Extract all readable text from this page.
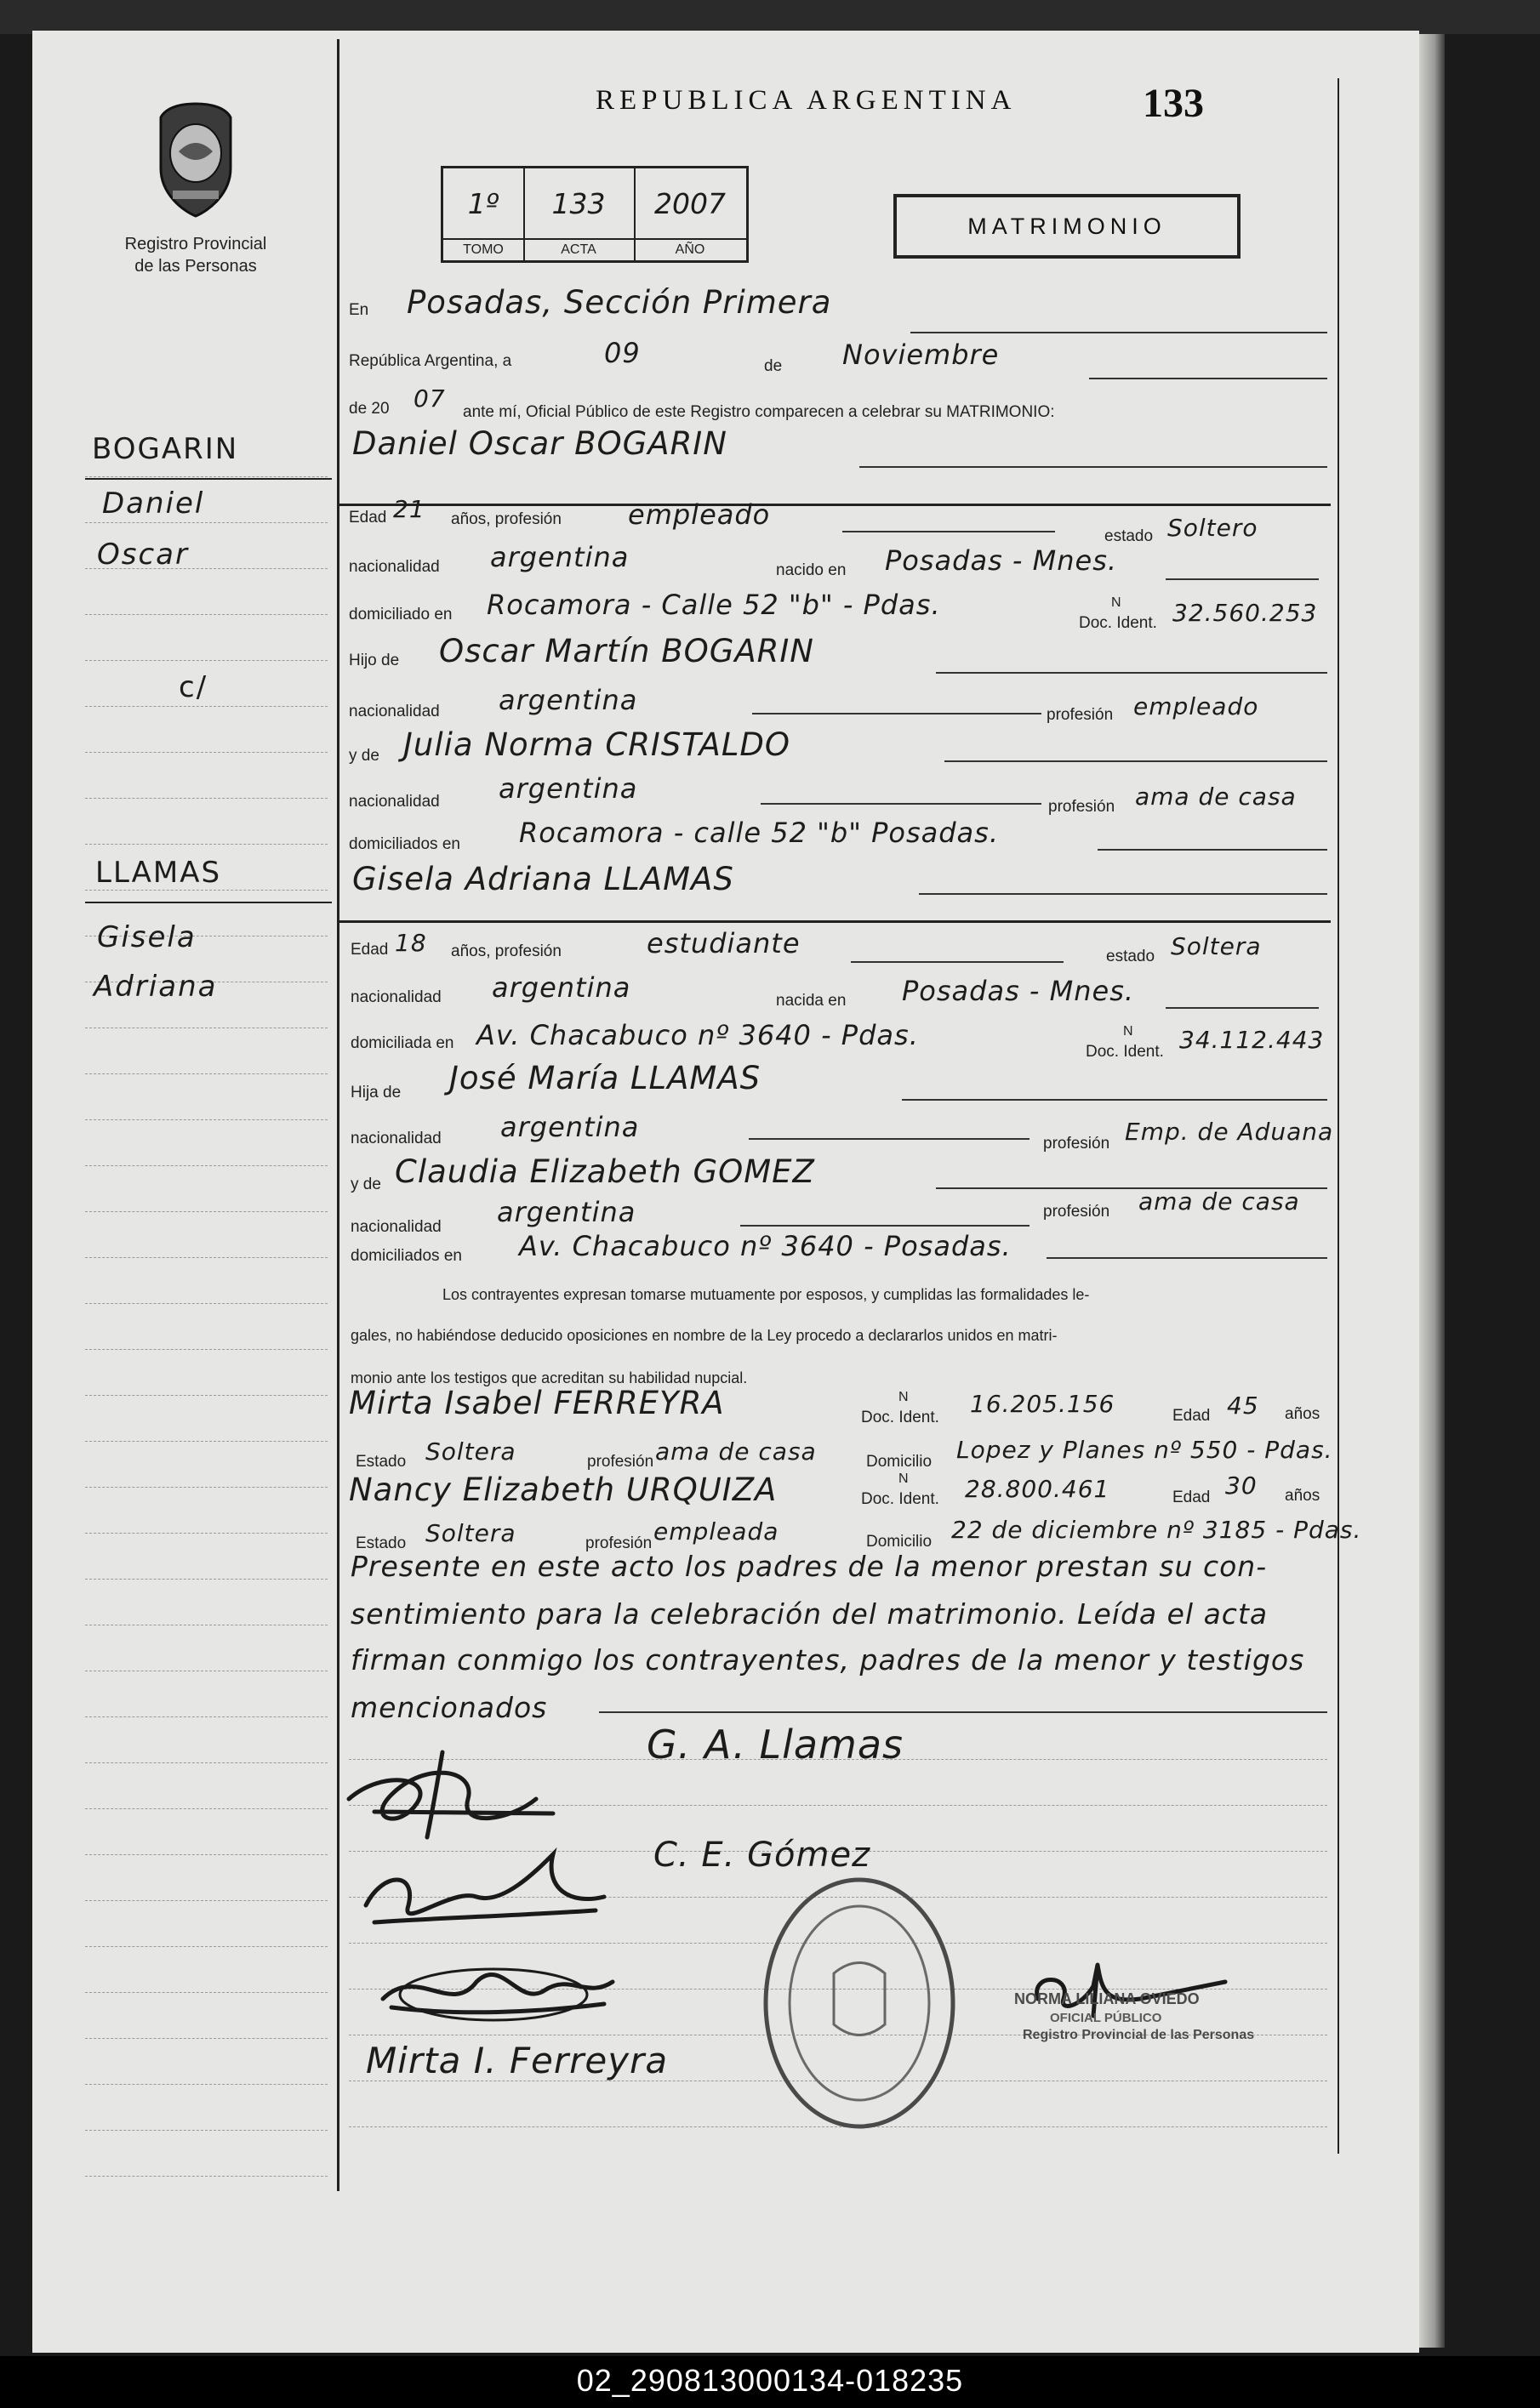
Registro Provincial
de las Personas
REPUBLICA ARGENTINA	133
1º
TOMO
133
ACTA
2007
AÑO
MATRIMONIO
BOGARIN
Daniel
Oscar
c/
LLAMAS
Gisela
Adriana
En Posadas, Sección Primera
República Argentina, a	09	de Noviembre
de 20 07 ante mí, Oficial Público de este Registro comparecen a celebrar su MATRIMONIO:
Daniel Oscar BOGARIN
Edad 21 años, profesión empleado
estado Soltero
nacionalidad argentina	nacido en Posadas - Mnes.
domiciliado en Rocamora - Calle 52 "b" - Pdas.
Doc. Ident.
N 32.560.253
Hijo de Oscar Martín BOGARIN
nacionalidad argentina	profesión empleado
y de Julia Norma CRISTALDO
nacionalidad argentina
profesión ama de casa
domiciliados en Rocamora - calle 52 "b" Posadas.
Gisela Adriana LLAMAS
Edad 18 años, profesión	estudiante	estado Soltera
nacionalidad argentina	nacida en Posadas - Mnes.
domiciliada en Av. Chacabuco nº 3640 - Pdas.
Doc. Ident.
N 34.112.443
Hija de José María LLAMAS
nacionalidad argentina
profesión Emp. de Aduana
y de Claudia Elizabeth GOMEZ
nacionalidad argentina	profesión ama de casa
domiciliados en Av. Chacabuco nº 3640 - Posadas.
Los contrayentes expresan tomarse mutuamente por esposos, y cumplidas las formalidades le-
gales, no habiéndose deducido oposiciones en nombre de la Ley procedo a declararlos unidos en matri-
monio ante los testigos que acreditan su habilidad nupcial.
Mirta Isabel FERREYRA	Doc. Ident.
N	16.205.156	Edad 45 años
Estado Soltera	profesión ama de casa	Domicilio Lopez y Planes nº 550 - Pdas.
Nancy Elizabeth URQUIZA	Doc. Ident.
N 28.800.461	Edad 30 años
Estado Soltera	profesión empleada	Domicilio 22 de diciembre nº 3185 - Pdas.
Presente en este acto los padres de la menor prestan su con-
sentimiento para la celebración del matrimonio. Leída el acta
firman conmigo los contrayentes, padres de la menor y testigos
mencionados
G. A. Llamas
C. E. Gómez
Mirta I. Ferreyra
NORMA LILIANA OVIEDO
OFICIAL PÚBLICO
Registro Provincial de las Personas
02_290813000134-018235
